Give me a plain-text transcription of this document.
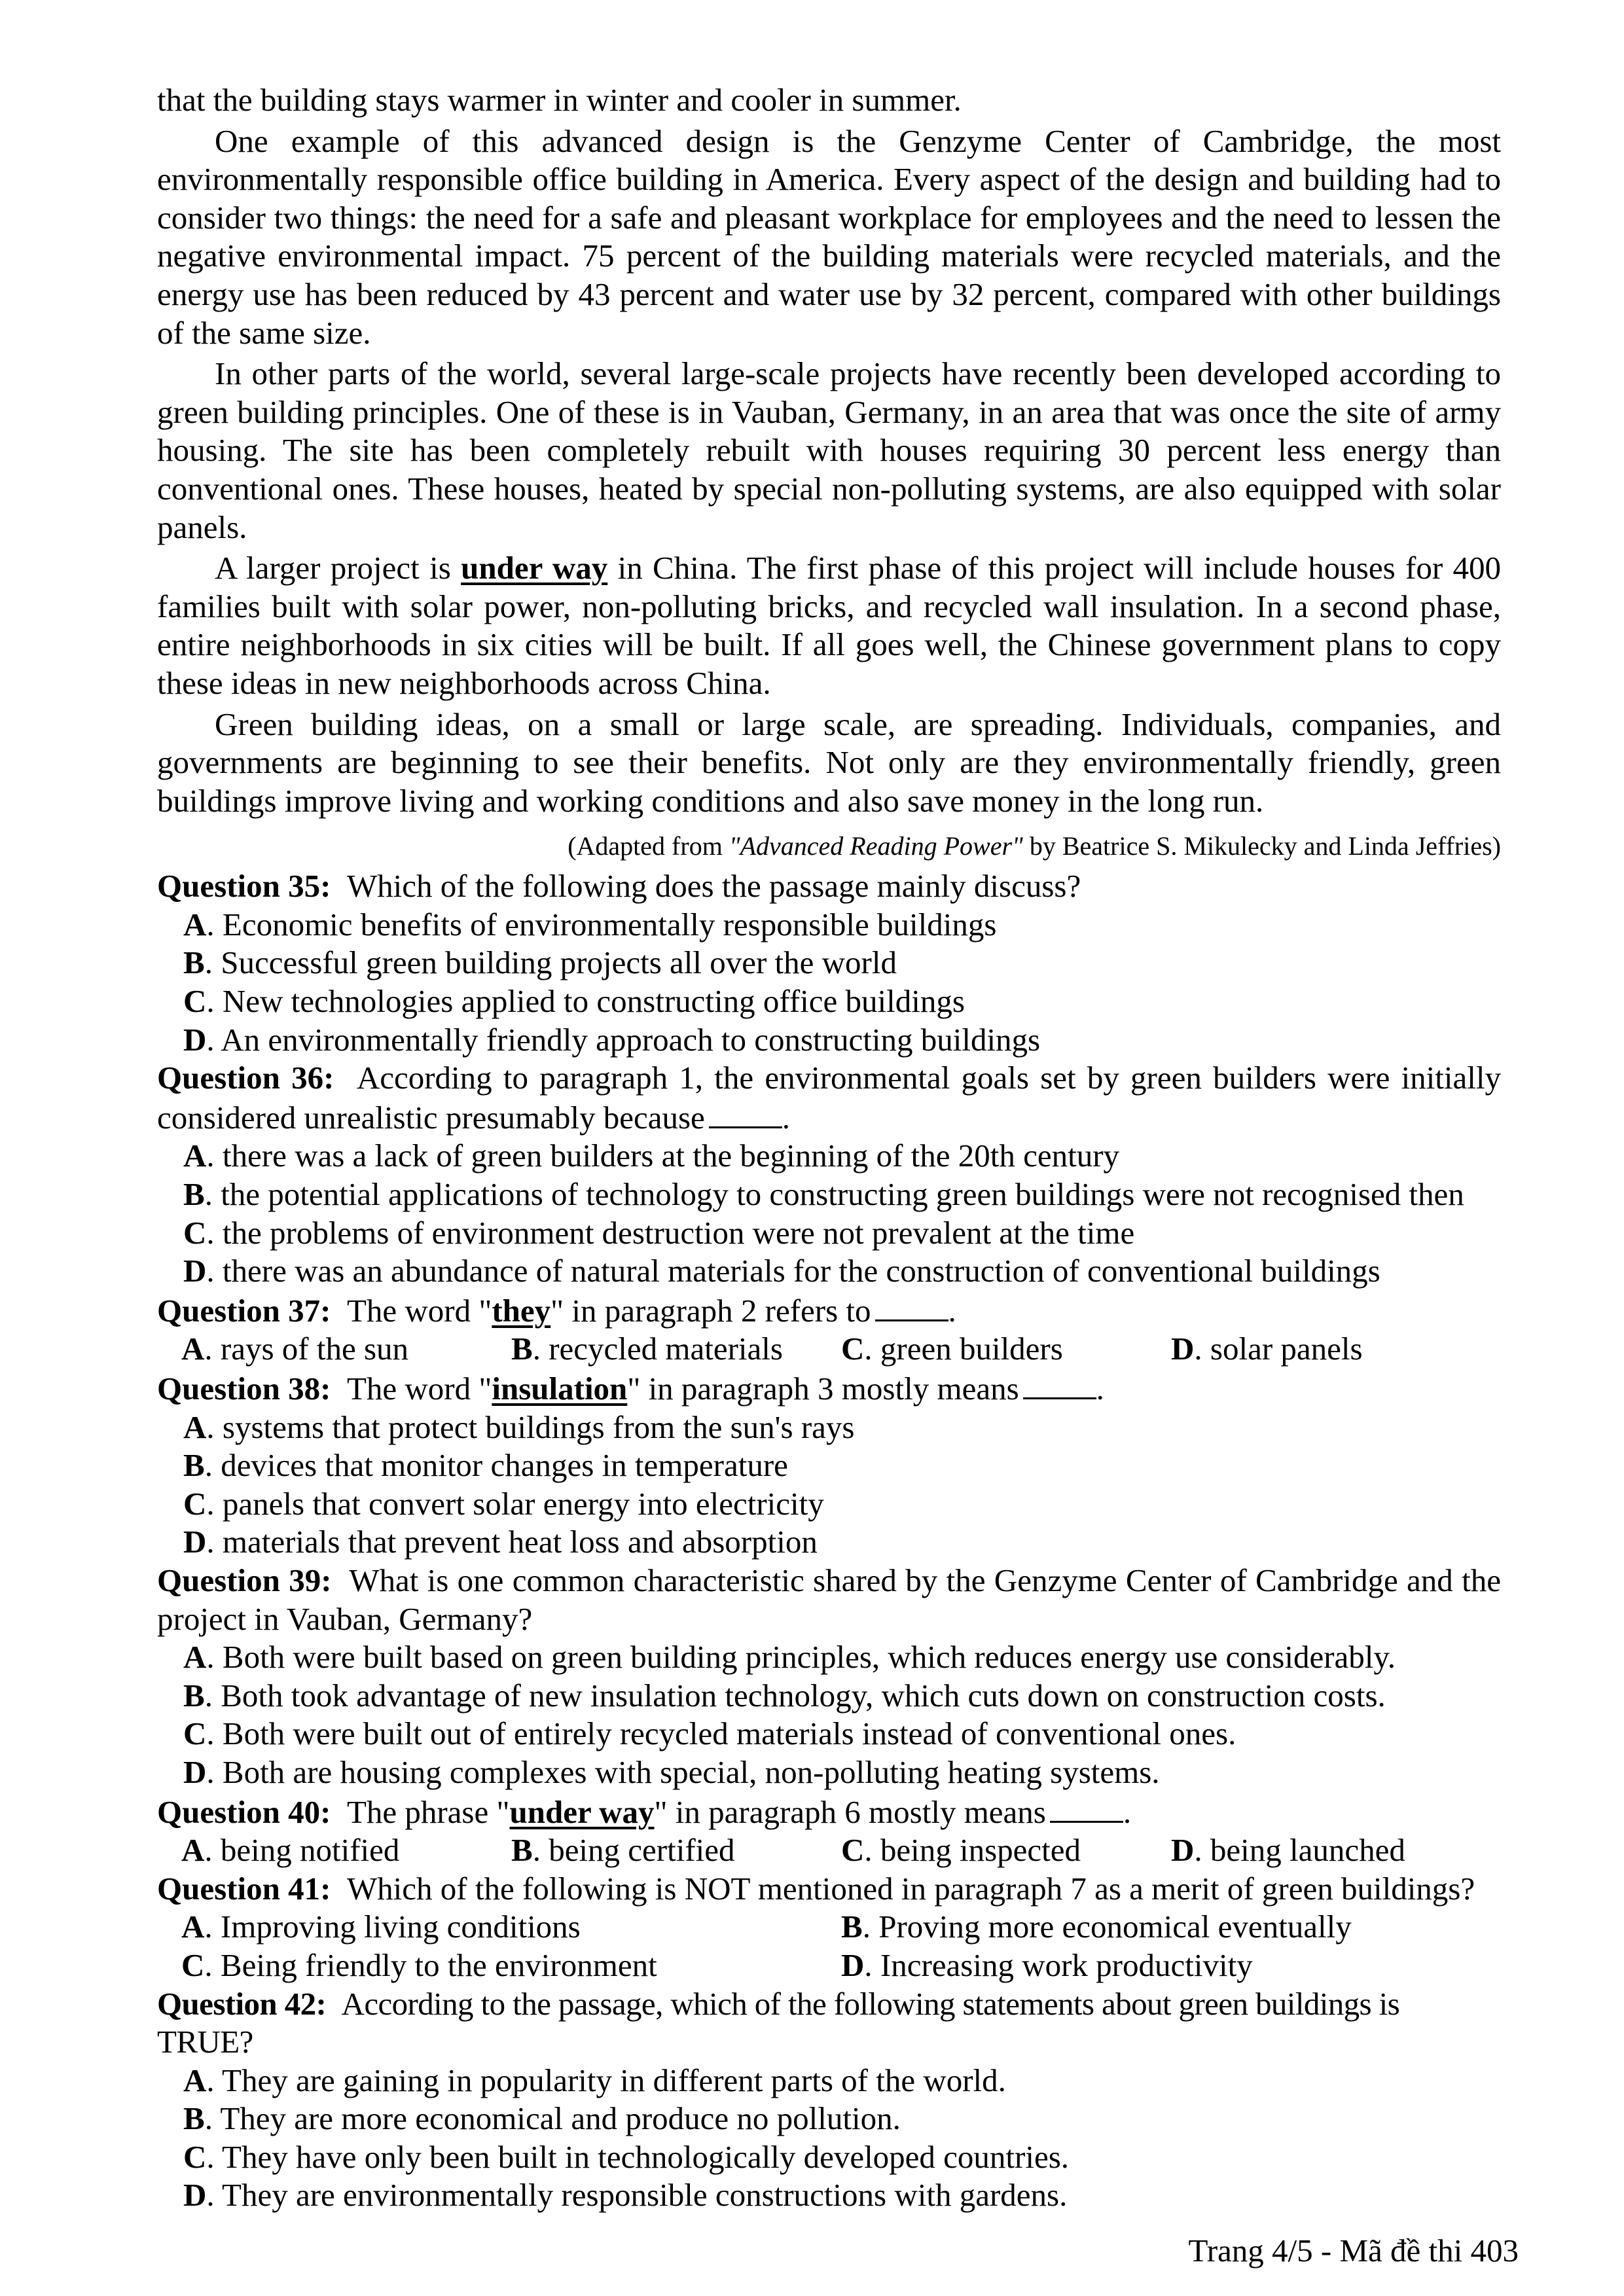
that the building stays warmer in winter and cooler in summer.

One example of this advanced design is the Genzyme Center of Cambridge, the most environmentally responsible office building in America. Every aspect of the design and building had to consider two things: the need for a safe and pleasant workplace for employees and the need to lessen the negative environmental impact. 75 percent of the building materials were recycled materials, and the energy use has been reduced by 43 percent and water use by 32 percent, compared with other buildings of the same size.

In other parts of the world, several large-scale projects have recently been developed according to green building principles. One of these is in Vauban, Germany, in an area that was once the site of army housing. The site has been completely rebuilt with houses requiring 30 percent less energy than conventional ones. These houses, heated by special non-polluting systems, are also equipped with solar panels.

A larger project is under way in China. The first phase of this project will include houses for 400 families built with solar power, non-polluting bricks, and recycled wall insulation. In a second phase, entire neighborhoods in six cities will be built. If all goes well, the Chinese government plans to copy these ideas in new neighborhoods across China.

Green building ideas, on a small or large scale, are spreading. Individuals, companies, and governments are beginning to see their benefits. Not only are they environmentally friendly, green buildings improve living and working conditions and also save money in the long run.

(Adapted from "Advanced Reading Power" by Beatrice S. Mikulecky and Linda Jeffries)

Question 35: Which of the following does the passage mainly discuss?

A. Economic benefits of environmentally responsible buildings
B. Successful green building projects all over the world
C. New technologies applied to constructing office buildings
D. An environmentally friendly approach to constructing buildings

Question 36: According to paragraph 1, the environmental goals set by green builders were initially considered unrealistic presumably because .

A. there was a lack of green builders at the beginning of the 20th century
B. the potential applications of technology to constructing green buildings were not recognised then
C. the problems of environment destruction were not prevalent at the time
D. there was an abundance of natural materials for the construction of conventional buildings

Question 37: The word "they" in paragraph 2 refers to .

A. rays of the sun	B. recycled materials	C. green builders	D. solar panels

Question 38: The word "insulation" in paragraph 3 mostly means .

A. systems that protect buildings from the sun's rays
B. devices that monitor changes in temperature
C. panels that convert solar energy into electricity
D. materials that prevent heat loss and absorption

Question 39: What is one common characteristic shared by the Genzyme Center of Cambridge and the project in Vauban, Germany?

A. Both were built based on green building principles, which reduces energy use considerably.
B. Both took advantage of new insulation technology, which cuts down on construction costs.
C. Both were built out of entirely recycled materials instead of conventional ones.
D. Both are housing complexes with special, non-polluting heating systems.

Question 40: The phrase "under way" in paragraph 6 mostly means .

A. being notified	B. being certified	C. being inspected	D. being launched

Question 41: Which of the following is NOT mentioned in paragraph 7 as a merit of green buildings?

A. Improving living conditions	B. Proving more economical eventually
C. Being friendly to the environment	D. Increasing work productivity

Question 42: According to the passage, which of the following statements about green buildings is TRUE?

A. They are gaining in popularity in different parts of the world.
B. They are more economical and produce no pollution.
C. They have only been built in technologically developed countries.
D. They are environmentally responsible constructions with gardens.
Trang 4/5 - Mã đề thi 403
